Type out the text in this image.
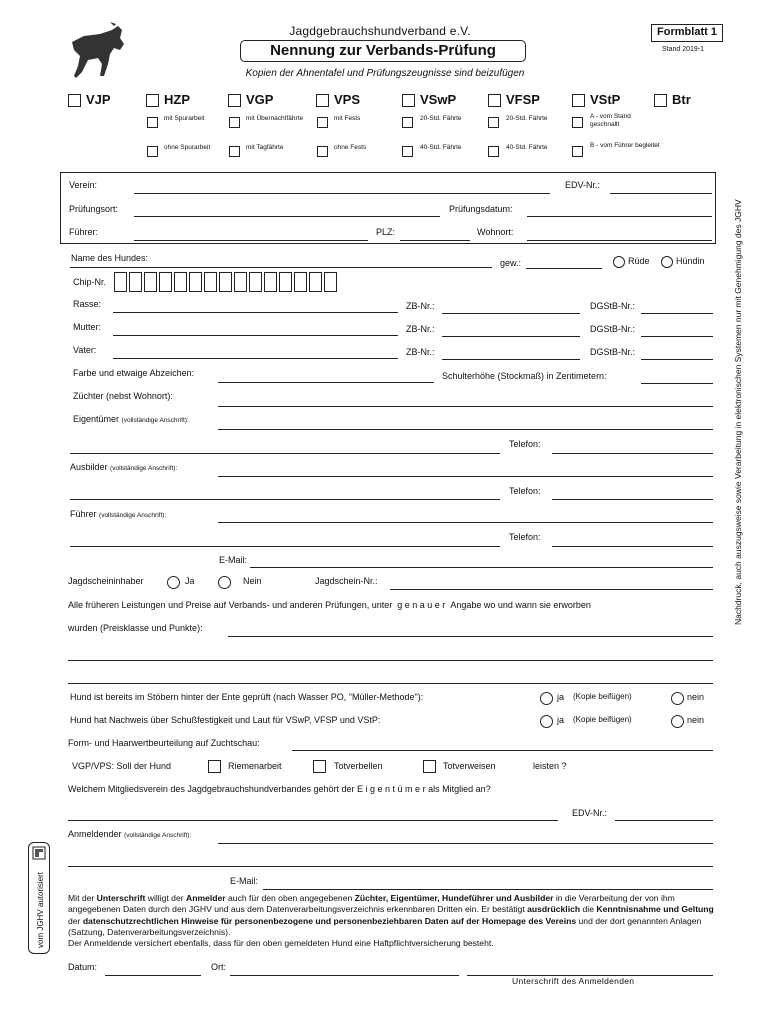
Jagdgebrauchshundverband e.V.
Nennung zur Verbands-Prüfung
Kopien der Ahnentafel und Prüfungszeugnisse sind beizufügen
Formblatt 1
Stand 2019-1
VJP	HZP
mit Spurarbeit
ohne Spurarbeit
VGP
mit Übernachtfährte
mit Tagfährte
VPS
mit Fests
ohne Fests
VSwP
20-Std. Fährte
40-Std. Fährte
VFSP
20-Std. Fährte
40-Std. Fährte
VStP
A - vom Stand geschnallt
B - vom Führer begleitet
Btr
Verein:	EDV-Nr.:
Prüfungsort:	Prüfungsdatum:
Führer:	PLZ:	Wohnort:
Name des Hundes:	gew.:	Rüde	Hündin
Chip-Nr.
Rasse:	ZB-Nr.:	DGStB-Nr.:
Mutter:	ZB-Nr.:	DGStB-Nr.:
Vater:	ZB-Nr.:	DGStB-Nr.:
Farbe und etwaige Abzeichen:	Schulterhöhe (Stockmaß) in Zentimetern:
Züchter (nebst Wohnort):
Eigentümer (vollständige Anschrift):
Telefon:
Ausbilder (vollständige Anschrift):
Telefon:
Führer (vollständige Anschrift):
Telefon:
E-Mail:
Jagdscheininhaber	Ja	Nein	Jagdschein-Nr.:
Alle früheren Leistungen und Preise auf Verbands- und anderen Prüfungen, unter g e n a u e r Angabe wo und wann sie erworben
wurden (Preisklasse und Punkte):
Hund ist bereits im Stöbern hinter der Ente geprüft (nach Wasser PO, "Müller-Methode"):	ja (Kopie beifügen)	nein
Hund hat Nachweis über Schußfestigkeit und Laut für VSwP, VFSP und VStP:	ja (Kopie beifügen)	nein
Form- und Haarwertbeurteilung auf Zuchtschau:
VGP/VPS: Soll der Hund	Riemenarbeit	Totverbellen	Totverweisen	leisten ?
Welchem Mitgliedsverein des Jagdgebrauchshundverbandes gehört der E i g e n t ü m e r als Mitglied an?
EDV-Nr.:
Anmeldender (vollständige Anschrift):
E-Mail:
Mit der Unterschrift willigt der Anmelder auch für den oben angegebenen Züchter, Eigentümer, Hundeführer und Ausbilder in die Verarbeitung der von ihm angegebenen Daten durch den JGHV und aus dem Datenverarbeitungsverzeichnis erkennbaren Dritten ein. Er bestätigt ausdrücklich die Kenntnisnahme und Geltung der datenschutzrechtlichen Hinweise für personenbezogene und personenbeziehbaren Daten auf der Homepage des Vereins und der dort genannten Anlagen (Satzung, Datenverarbeitungsverzeichnis).
Der Anmeldende versichert ebenfalls, dass für den oben gemeldeten Hund eine Haftpflichtversicherung besteht.
Datum:	Ort:
Unterschrift des Anmeldenden
Nachdruck, auch auszugsweise sowie Verarbeitung in elektronischen Systemen nur mit Genehmigung des JGHV
vom JGHV autorisiert
